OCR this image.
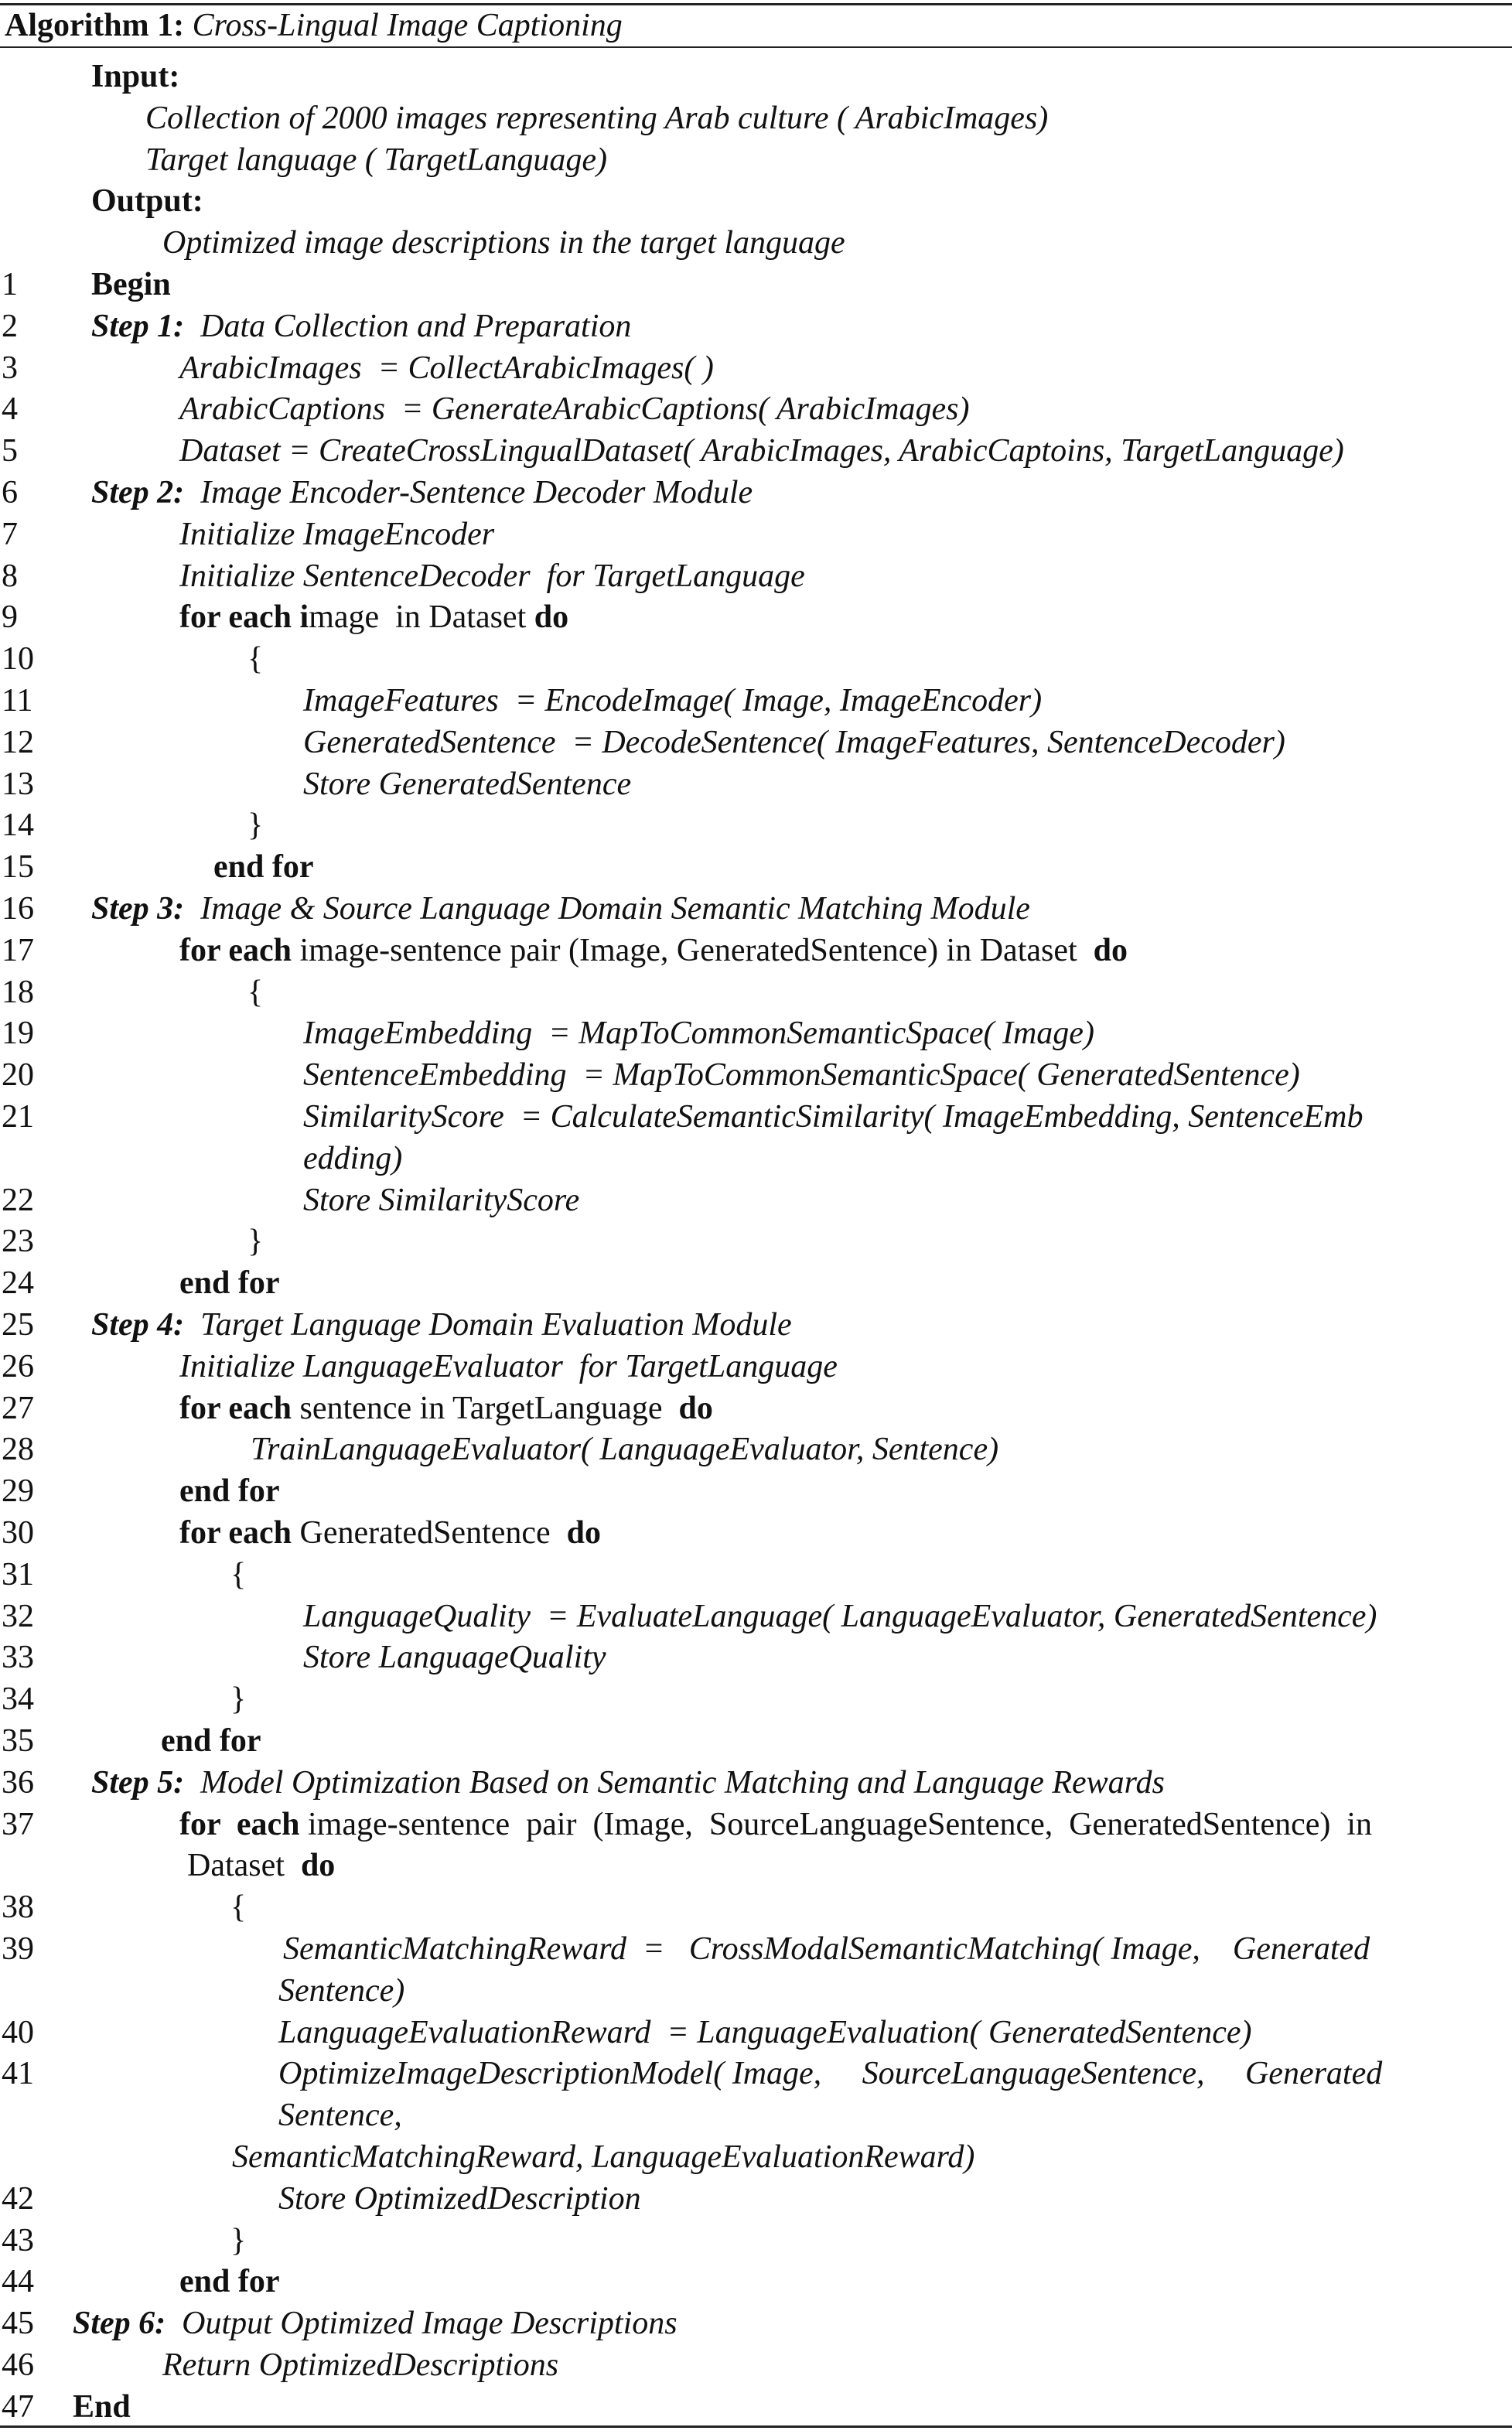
Algorithm 1: Cross-Lingual Image Captioning
Input:
Collection of 2000 images representing Arab culture ( ArabicImages)
Target language ( TargetLanguage)
Output:
Optimized image descriptions in the target language
1 Begin
2 Step 1:  Data Collection and Preparation
3	ArabicImages  = CollectArabicImages( )
4	ArabicCaptions  = GenerateArabicCaptions( ArabicImages)
5	Dataset = CreateCrossLingualDataset( ArabicImages, ArabicCaptoins, TargetLanguage)
6 Step 2:  Image Encoder-Sentence Decoder Module
7	Initialize ImageEncoder
8	Initialize SentenceDecoder  for TargetLanguage
9	for each image  in Dataset do
10	{
11	ImageFeatures  = EncodeImage( Image, ImageEncoder)
12	GeneratedSentence  = DecodeSentence( ImageFeatures, SentenceDecoder)
13	Store GeneratedSentence
14	}
15	end for
16 Step 3:  Image & Source Language Domain Semantic Matching Module
17	for each image-sentence pair (Image, GeneratedSentence) in Dataset  do
18	{
19	ImageEmbedding  = MapToCommonSemanticSpace( Image)
20	SentenceEmbedding  = MapToCommonSemanticSpace( GeneratedSentence)
21	SimilarityScore  = CalculateSemanticSimilarity( ImageEmbedding, SentenceEmb
edding)
22	Store SimilarityScore
23	}
24	end for
25 Step 4:  Target Language Domain Evaluation Module
26	Initialize LanguageEvaluator  for TargetLanguage
27	for each sentence in TargetLanguage  do
28	TrainLanguageEvaluator( LanguageEvaluator, Sentence)
29	end for
30	for each GeneratedSentence  do
31	{
32	LanguageQuality  = EvaluateLanguage( LanguageEvaluator, GeneratedSentence)
33	Store LanguageQuality
34	}
35	end for
36 Step 5:  Model Optimization Based on Semantic Matching and Language Rewards
37	for  each image-sentence  pair  (Image,  SourceLanguageSentence,  GeneratedSentence)  in
Dataset  do
38	{
39	SemanticMatchingReward  =   CrossModalSemanticMatching( Image,    Generated
Sentence)
40	LanguageEvaluationReward  = LanguageEvaluation( GeneratedSentence)
41	OptimizeImageDescriptionModel( Image,     SourceLanguageSentence,     Generated
Sentence,
SemanticMatchingReward, LanguageEvaluationReward)
42	Store OptimizedDescription
43	}
44	end for
45 Step 6:  Output Optimized Image Descriptions
46	Return OptimizedDescriptions
47 End
